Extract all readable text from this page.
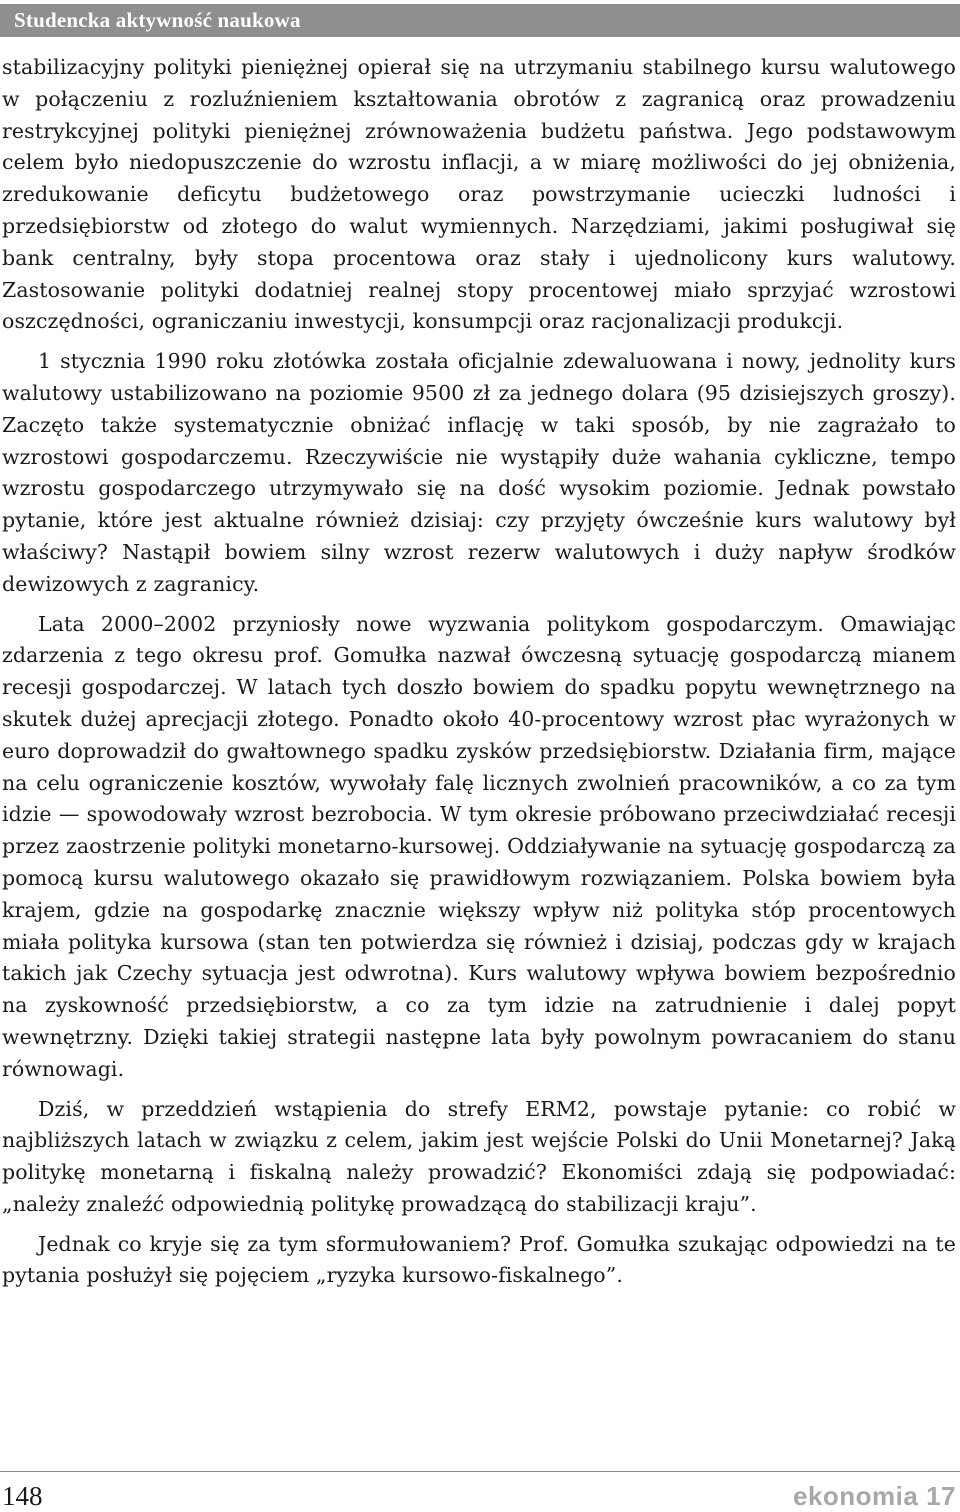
Studencka aktywność naukowa

stabilizacyjny polityki pieniężnej opierał się na utrzymaniu stabilnego kursu walutowego w połączeniu z rozluźnieniem kształtowania obrotów z zagranicą oraz prowadzeniu restrykcyjnej polityki pieniężnej zrównoważenia budżetu państwa. Jego podstawowym celem było niedopuszczenie do wzrostu inflacji, a w miarę możliwości do jej obniżenia, zredukowanie deficytu budżetowego oraz powstrzymanie ucieczki ludności i przedsiębiorstw od złotego do walut wymiennych. Narzędziami, jakimi posługiwał się bank centralny, były stopa procentowa oraz stały i ujednolicony kurs walutowy. Zastosowanie polityki dodatniej realnej stopy procentowej miało sprzyjać wzrostowi oszczędności, ograniczaniu inwestycji, konsumpcji oraz racjonalizacji produkcji.

1 stycznia 1990 roku złotówka została oficjalnie zdewaluowana i nowy, jednolity kurs walutowy ustabilizowano na poziomie 9500 zł za jednego dolara (95 dzisiejszych groszy). Zaczęto także systematycznie obniżać inflację w taki sposób, by nie zagrażało to wzrostowi gospodarczemu. Rzeczywiście nie wystąpiły duże wahania cykliczne, tempo wzrostu gospodarczego utrzymywało się na dość wysokim poziomie. Jednak powstało pytanie, które jest aktualne również dzisiaj: czy przyjęty ówcześnie kurs walutowy był właściwy? Nastąpił bowiem silny wzrost rezerw walutowych i duży napływ środków dewizowych z zagranicy.

Lata 2000–2002 przyniosły nowe wyzwania politykom gospodarczym. Omawiając zdarzenia z tego okresu prof. Gomułka nazwał ówczesną sytuację gospodarczą mianem recesji gospodarczej. W latach tych doszło bowiem do spadku popytu wewnętrznego na skutek dużej aprecjacji złotego. Ponadto około 40-procentowy wzrost płac wyrażonych w euro doprowadził do gwałtownego spadku zysków przedsiębiorstw. Działania firm, mające na celu ograniczenie kosztów, wywołały falę licznych zwolnień pracowników, a co za tym idzie — spowodowały wzrost bezrobocia. W tym okresie próbowano przeciwdziałać recesji przez zaostrzenie polityki monetarno-kursowej. Oddziaływanie na sytuację gospodarczą za pomocą kursu walutowego okazało się prawidłowym rozwiązaniem. Polska bowiem była krajem, gdzie na gospodarkę znacznie większy wpływ niż polityka stóp procentowych miała polityka kursowa (stan ten potwierdza się również i dzisiaj, podczas gdy w krajach takich jak Czechy sytuacja jest odwrotna). Kurs walutowy wpływa bowiem bezpośrednio na zyskowność przedsiębiorstw, a co za tym idzie na zatrudnienie i dalej popyt wewnętrzny. Dzięki takiej strategii następne lata były powolnym powracaniem do stanu równowagi.

Dziś, w przeddzień wstąpienia do strefy ERM2, powstaje pytanie: co robić w najbliższych latach w związku z celem, jakim jest wejście Polski do Unii Monetarnej? Jaką politykę monetarną i fiskalną należy prowadzić? Ekonomiści zdają się podpowiadać: „należy znaleźć odpowiednią politykę prowadzącą do stabilizacji kraju”.

Jednak co kryje się za tym sformułowaniem? Prof. Gomułka szukając odpowiedzi na te pytania posłużył się pojęciem „ryzyka kursowo-fiskalnego”.

148	ekonomia 17
